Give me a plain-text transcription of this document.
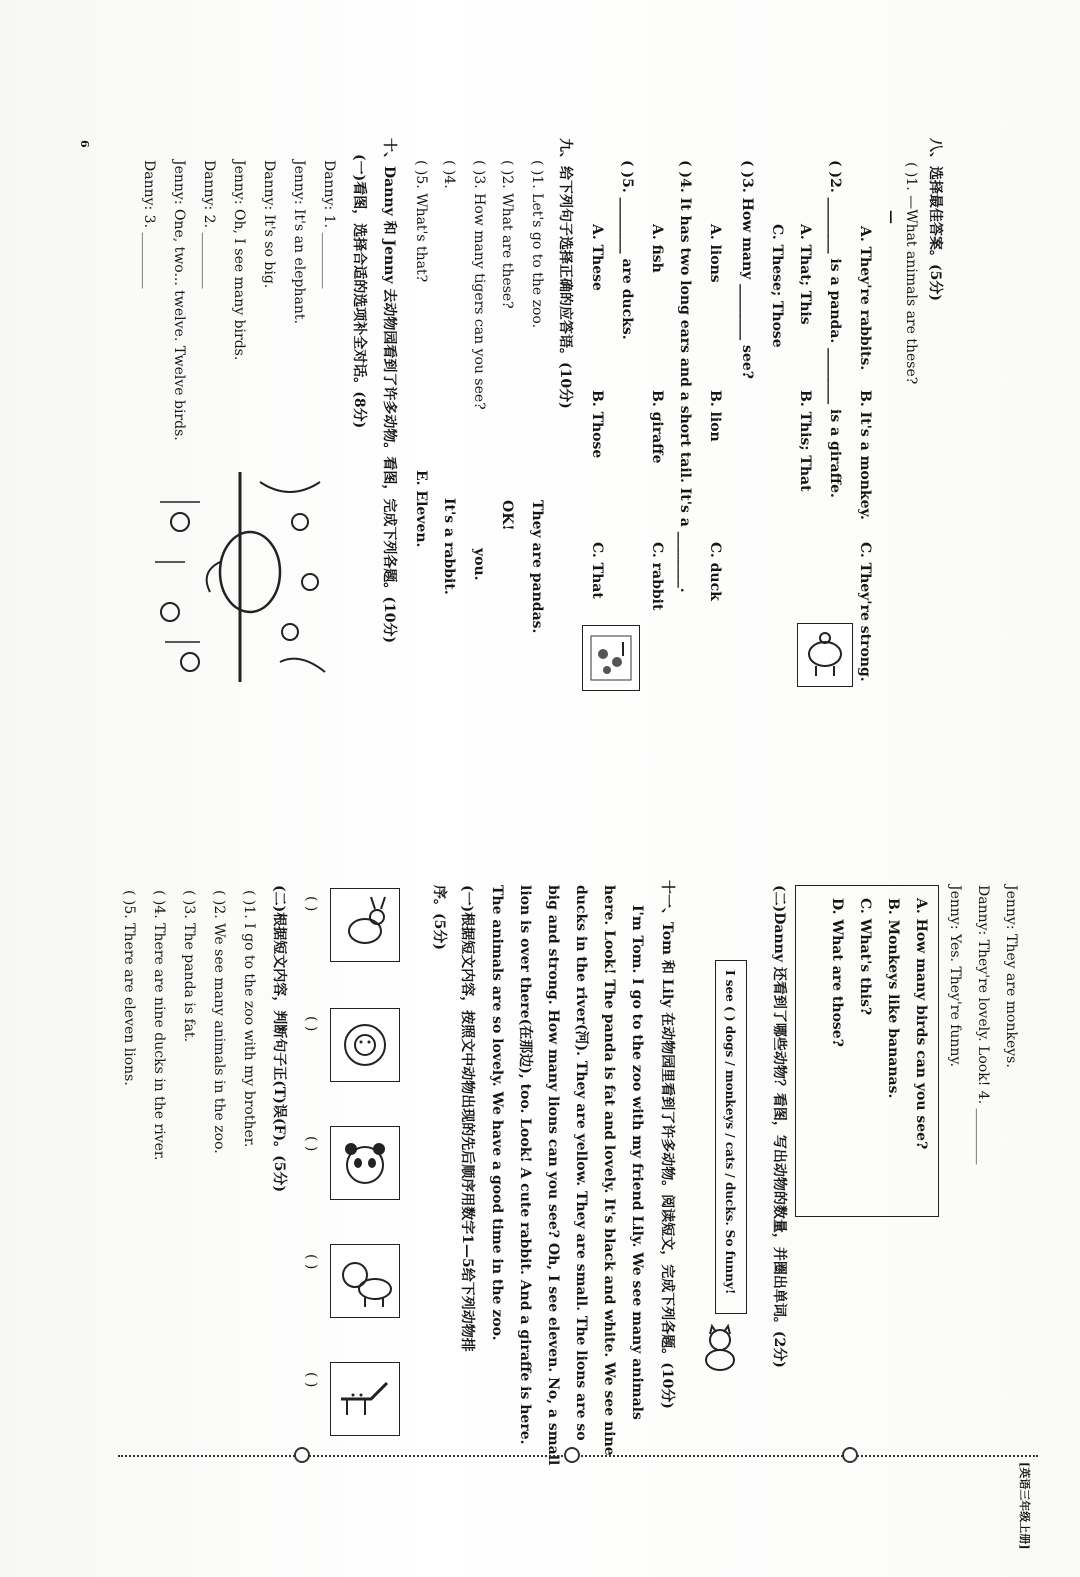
八、选择最佳答案。(5分)
( )1. —What animals are these?
—
A. They're rabbits.
B. It's a monkey.
C. They're strong.
( )2. ________ is a panda. ________ is a giraffe.
A. That; This
B. This; That
C. These; Those
( )3. How many ________ see?
A. lions
B. lion
C. duck
( )4. It has two long ears and a short tail. It's a ________.
A. fish
B. giraffe
C. rabbit
( )5. ________ are ducks.
A. These
B. Those
C. That
九、给下列句子选择正确的应答语。(10分)
( )1. Let's go to the zoo.
( )2. What are these?
( )3. How many tigers can you see?
( )4.
( )5. What's that?
They are pandas.
OK!
you.
It's a rabbit.
E. Eleven.
十、Danny 和 Jenny 去动物园看到了许多动物。看图，完成下列各题。(10分)
(一)看图，选择合适的选项补全对话。(8分)
Danny: 1. ________
Jenny: It's an elephant.
Danny: It's so big.
Jenny: Oh, I see many birds.
Danny: 2. ________
Jenny: One, two... twelve. Twelve birds.
Danny: 3. ________
6
Jenny: They are monkeys.
Danny: They're lovely. Look! 4. ________
Jenny: Yes. They're funny.
A. How many birds can you see?
B. Monkeys like bananas.
C. What's this?
D. What are those?
(二)Danny 还看到了哪些动物？看图，写出动物的数量，并圈出单词。(2分)
I see ( ) dogs / monkeys / cats / ducks. So funny!
十一、Tom 和 Lily 在动物园里看到了许多动物。阅读短文，完成下列各题。(10分)
I'm Tom. I go to the zoo with my friend Lily. We see many animals
here. Look! The panda is fat and lovely. It's black and white. We see nine
ducks in the river(河). They are yellow. They are small. The lions are so
big and strong. How many lions can you see? Oh, I see eleven. No, a small
lion is over there(在那边), too. Look! A cute rabbit. And a giraffe is here.
The animals are so lovely. We have a good time in the zoo.
(一)根据短文内容，按照文中动物出现的先后顺序用数字1—5给下列动物排
序。(5分)
( )
( )
( )
( )
( )
(二)根据短文内容，判断句子正(T)误(F)。(5分)
( )1. I go to the zoo with my brother.
( )2. We see many animals in the zoo.
( )3. The panda is fat.
( )4. There are nine ducks in the river.
( )5. There are eleven lions.
[英语三年级上册]
